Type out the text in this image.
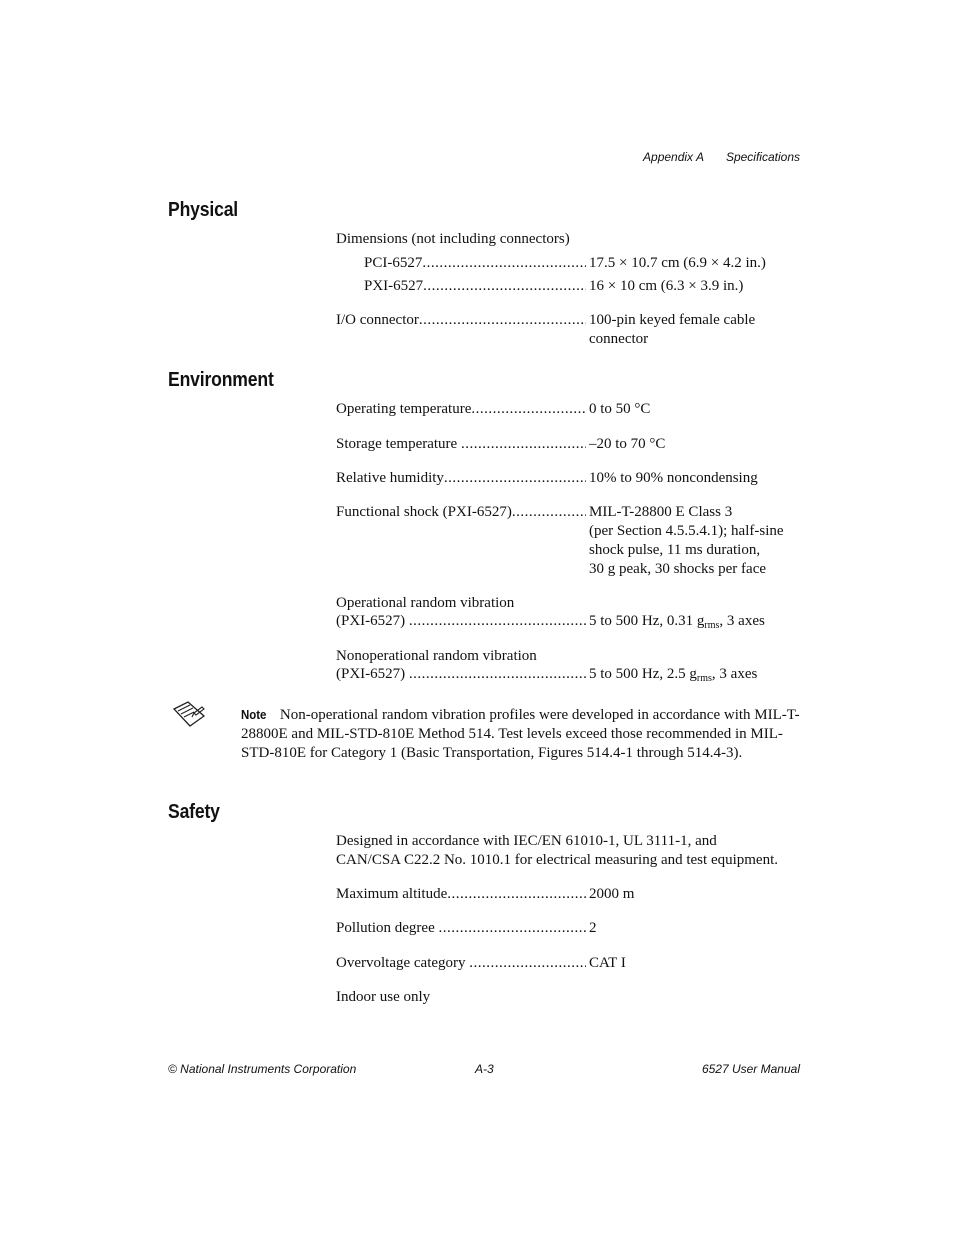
Appendix A Specifications
Physical
Dimensions (not including connectors)
PCI-6527 .....	17.5 × 10.7 cm (6.9 × 4.2 in.)
PXI-6527 .....	16 × 10 cm (6.3 × 3.9 in.)
I/O connector .....	100-pin keyed female cable
connector
Environment
Operating temperature .....	0 to 50 °C
Storage temperature .....	–20 to 70 °C
Relative humidity .....	10% to 90% noncondensing
Functional shock (PXI-6527) .....	MIL-T-28800 E Class 3
(per Section 4.5.5.4.1); half-sine
shock pulse, 11 ms duration,
30 g peak, 30 shocks per face
Operational random vibration
(PXI-6527) .....	5 to 500 Hz, 0.31 $g_{rms}$, 3 axes
Nonoperational random vibration
(PXI-6527) .....	5 to 500 Hz, 2.5 $g_{rms}$, 3 axes
Note Non-operational random vibration profiles were developed in accordance with MIL-T-28800E and MIL-STD-810E Method 514. Test levels exceed those recommended in MIL-STD-810E for Category 1 (Basic Transportation, Figures 514.4-1 through 514.4-3).
Safety
Designed in accordance with IEC/EN 61010-1, UL 3111-1, and
CAN/CSA C22.2 No. 1010.1 for electrical measuring and test equipment.
Maximum altitude .....	2000 m
Pollution degree .....	2
Overvoltage category .....	CAT I
Indoor use only
© National Instruments Corporation	A-3	6527 User Manual
